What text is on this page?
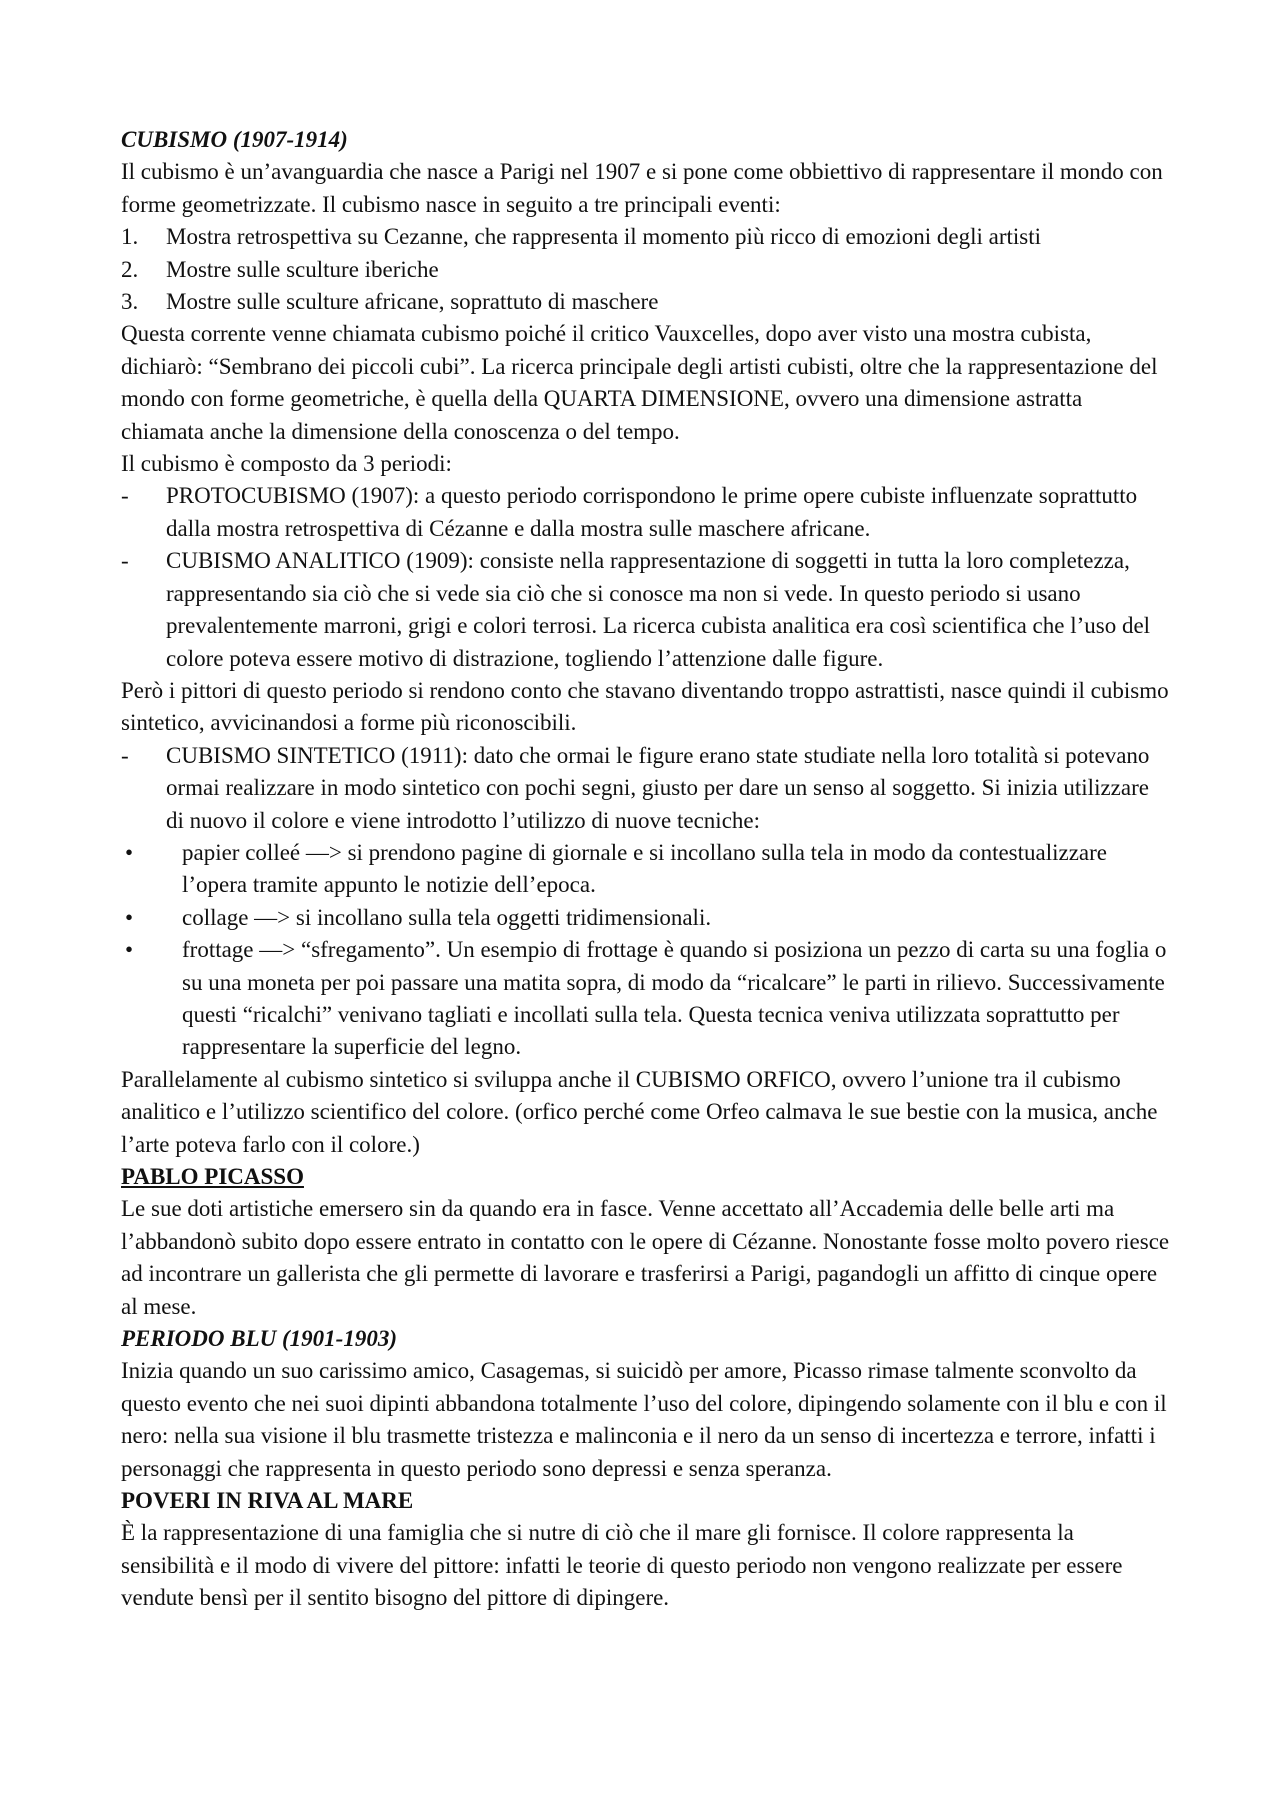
CUBISMO (1907-1914)

Il cubismo è un’avanguardia che nasce a Parigi nel 1907 e si pone come obbiettivo di rappresentare il mondo con forme geometrizzate. Il cubismo nasce in seguito a tre principali eventi:

1. Mostra retrospettiva su Cezanne, che rappresenta il momento più ricco di emozioni degli artisti

2. Mostre sulle sculture iberiche

3. Mostre sulle sculture africane, soprattuto di maschere

Questa corrente venne chiamata cubismo poiché il critico Vauxcelles, dopo aver visto una mostra cubista, dichiarò: “Sembrano dei piccoli cubi”. La ricerca principale degli artisti cubisti, oltre che la rappresentazione del mondo con forme geometriche, è quella della QUARTA DIMENSIONE, ovvero una dimensione astratta chiamata anche la dimensione della conoscenza o del tempo.

Il cubismo è composto da 3 periodi:

- PROTOCUBISMO (1907): a questo periodo corrispondono le prime opere cubiste influenzate soprattutto dalla mostra retrospettiva di Cézanne e dalla mostra sulle maschere africane.

- CUBISMO ANALITICO (1909): consiste nella rappresentazione di soggetti in tutta la loro completezza, rappresentando sia ciò che si vede sia ciò che si conosce ma non si vede. In questo periodo si usano prevalentemente marroni, grigi e colori terrosi. La ricerca cubista analitica era così scientifica che l’uso del colore poteva essere motivo di distrazione, togliendo l’attenzione dalle figure.

Però i pittori di questo periodo si rendono conto che stavano diventando troppo astrattisti, nasce quindi il cubismo sintetico, avvicinandosi a forme più riconoscibili.

- CUBISMO SINTETICO (1911): dato che ormai le figure erano state studiate nella loro totalità si potevano ormai realizzare in modo sintetico con pochi segni, giusto per dare un senso al soggetto. Si inizia utilizzare di nuovo il colore e viene introdotto l’utilizzo di nuove tecniche:

• papier colleé —> si prendono pagine di giornale e si incollano sulla tela in modo da contestualizzare l’opera tramite appunto le notizie dell’epoca.

• collage —> si incollano sulla tela oggetti tridimensionali.

• frottage —> “sfregamento”. Un esempio di frottage è quando si posiziona un pezzo di carta su una foglia o su una moneta per poi passare una matita sopra, di modo da “ricalcare” le parti in rilievo. Successivamente questi “ricalchi” venivano tagliati e incollati sulla tela. Questa tecnica veniva utilizzata soprattutto per rappresentare la superficie del legno.

Parallelamente al cubismo sintetico si sviluppa anche il CUBISMO ORFICO, ovvero l’unione tra il cubismo analitico e l’utilizzo scientifico del colore. (orfico perché come Orfeo calmava le sue bestie con la musica, anche l’arte poteva farlo con il colore.)

PABLO PICASSO

Le sue doti artistiche emersero sin da quando era in fasce. Venne accettato all’Accademia delle belle arti ma l’abbandonò subito dopo essere entrato in contatto con le opere di Cézanne. Nonostante fosse molto povero riesce ad incontrare un gallerista che gli permette di lavorare e trasferirsi a Parigi, pagandogli un affitto di cinque opere al mese.

PERIODO BLU (1901-1903)

Inizia quando un suo carissimo amico, Casagemas, si suicidò per amore, Picasso rimase talmente sconvolto da questo evento che nei suoi dipinti abbandona totalmente l’uso del colore, dipingendo solamente con il blu e con il nero: nella sua visione il blu trasmette tristezza e malinconia e il nero da un senso di incertezza e terrore, infatti i personaggi che rappresenta in questo periodo sono depressi e senza speranza.

POVERI IN RIVA AL MARE

È la rappresentazione di una famiglia che si nutre di ciò che il mare gli fornisce. Il colore rappresenta la sensibilità e il modo di vivere del pittore: infatti le teorie di questo periodo non vengono realizzate per essere vendute bensì per il sentito bisogno del pittore di dipingere.
